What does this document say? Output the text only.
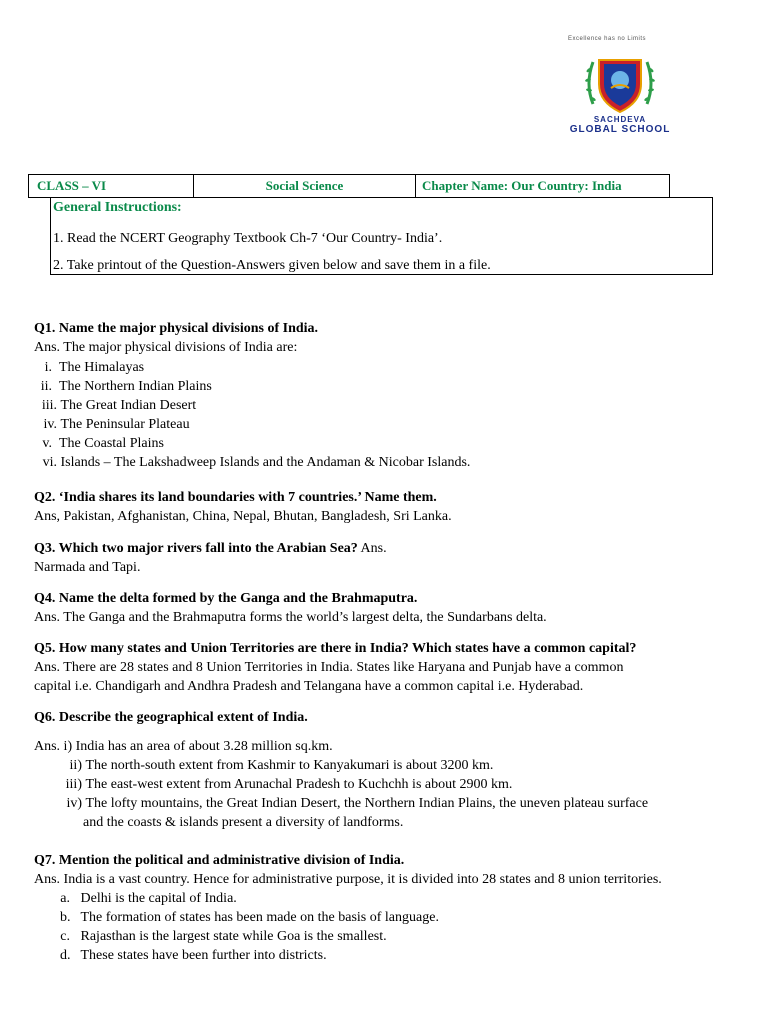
Excellence has no Limits
SACHDEVA
GLOBAL SCHOOL
CLASS – VI	Social Science	Chapter Name: Our Country: India
General Instructions:
1. Read the NCERT Geography Textbook Ch-7 ‘Our Country- India’.
2. Take printout of the Question-Answers given below and save them in a file.
Q1. Name the major physical divisions of India.
Ans. The major physical divisions of India are:
i. The Himalayas
ii. The Northern Indian Plains
iii. The Great Indian Desert
iv. The Peninsular Plateau
v. The Coastal Plains
vi. Islands – The Lakshadweep Islands and the Andaman & Nicobar Islands.
Q2. ‘India shares its land boundaries with 7 countries.’ Name them.
Ans, Pakistan, Afghanistan, China, Nepal, Bhutan, Bangladesh, Sri Lanka.
Q3. Which two major rivers fall into the Arabian Sea? Ans.
Narmada and Tapi.
Q4. Name the delta formed by the Ganga and the Brahmaputra.
Ans. The Ganga and the Brahmaputra forms the world’s largest delta, the Sundarbans delta.
Q5. How many states and Union Territories are there in India? Which states have a common capital?
Ans. There are 28 states and 8 Union Territories in India. States like Haryana and Punjab have a common
capital i.e. Chandigarh and Andhra Pradesh and Telangana have a common capital i.e. Hyderabad.
Q6. Describe the geographical extent of India.
Ans. i) India has an area of about 3.28 million sq.km.
ii) The north-south extent from Kashmir to Kanyakumari is about 3200 km.
iii) The east-west extent from Arunachal Pradesh to Kuchchh is about 2900 km.
iv) The lofty mountains, the Great Indian Desert, the Northern Indian Plains, the uneven plateau surface
and the coasts & islands present a diversity of landforms.
Q7. Mention the political and administrative division of India.
Ans. India is a vast country. Hence for administrative purpose, it is divided into 28 states and 8 union territories.
a. Delhi is the capital of India.
b. The formation of states has been made on the basis of language.
c. Rajasthan is the largest state while Goa is the smallest.
d. These states have been further into districts.
